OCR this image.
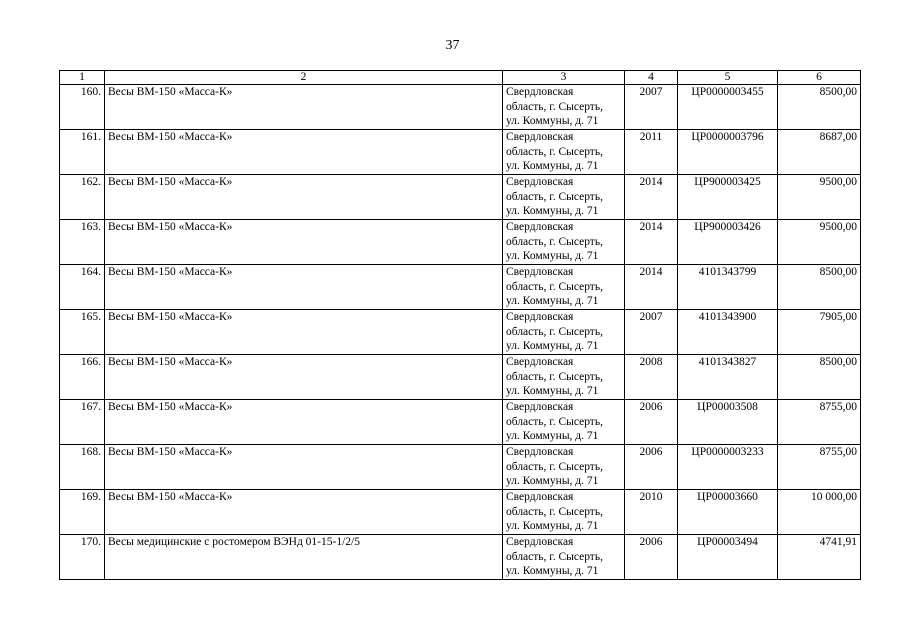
37
1	2	3	4	5	6
160.	Весы ВМ-150 «Масса-К»	Свердловская
область, г. Сысерть,
ул. Коммуны, д. 71	2007	ЦР0000003455	8500,00
161.	Весы ВМ-150 «Масса-К»	Свердловская
область, г. Сысерть,
ул. Коммуны, д. 71	2011	ЦР0000003796	8687,00
162.	Весы ВМ-150 «Масса-К»	Свердловская
область, г. Сысерть,
ул. Коммуны, д. 71	2014	ЦР900003425	9500,00
163.	Весы ВМ-150 «Масса-К»	Свердловская
область, г. Сысерть,
ул. Коммуны, д. 71	2014	ЦР900003426	9500,00
164.	Весы ВМ-150 «Масса-К»	Свердловская
область, г. Сысерть,
ул. Коммуны, д. 71	2014	4101343799	8500,00
165.	Весы ВМ-150 «Масса-К»	Свердловская
область, г. Сысерть,
ул. Коммуны, д. 71	2007	4101343900	7905,00
166.	Весы ВМ-150 «Масса-К»	Свердловская
область, г. Сысерть,
ул. Коммуны, д. 71	2008	4101343827	8500,00
167.	Весы ВМ-150 «Масса-К»	Свердловская
область, г. Сысерть,
ул. Коммуны, д. 71	2006	ЦР00003508	8755,00
168.	Весы ВМ-150 «Масса-К»	Свердловская
область, г. Сысерть,
ул. Коммуны, д. 71	2006	ЦР0000003233	8755,00
169.	Весы ВМ-150 «Масса-К»	Свердловская
область, г. Сысерть,
ул. Коммуны, д. 71	2010	ЦР00003660	10 000,00
170.	Весы медицинские с ростомером ВЭНд 01-15-1/2/5	Свердловская
область, г. Сысерть,
ул. Коммуны, д. 71	2006	ЦР00003494	4741,91
